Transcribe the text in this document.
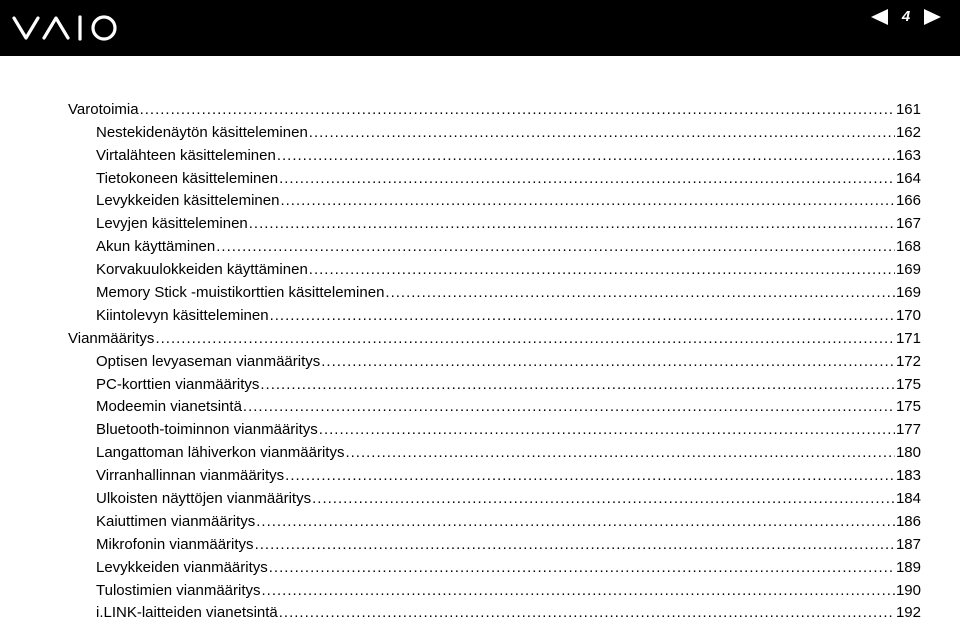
4
Varotoimia .....	161
Nestekidenäytön käsitteleminen .....	162
Virtalähteen käsitteleminen .....	163
Tietokoneen käsitteleminen .....	164
Levykkeiden käsitteleminen .....	166
Levyjen käsitteleminen .....	167
Akun käyttäminen .....	168
Korvakuulokkeiden käyttäminen .....	169
Memory Stick -muistikorttien käsitteleminen .....	169
Kiintolevyn käsitteleminen .....	170
Vianmääritys .....	171
Optisen levyaseman vianmääritys .....	172
PC-korttien vianmääritys .....	175
Modeemin vianetsintä .....	175
Bluetooth-toiminnon vianmääritys .....	177
Langattoman lähiverkon vianmääritys .....	180
Virranhallinnan vianmääritys .....	183
Ulkoisten näyttöjen vianmääritys .....	184
Kaiuttimen vianmääritys .....	186
Mikrofonin vianmääritys .....	187
Levykkeiden vianmääritys .....	189
Tulostimien vianmääritys .....	190
i.LINK-laitteiden vianetsintä .....	192
